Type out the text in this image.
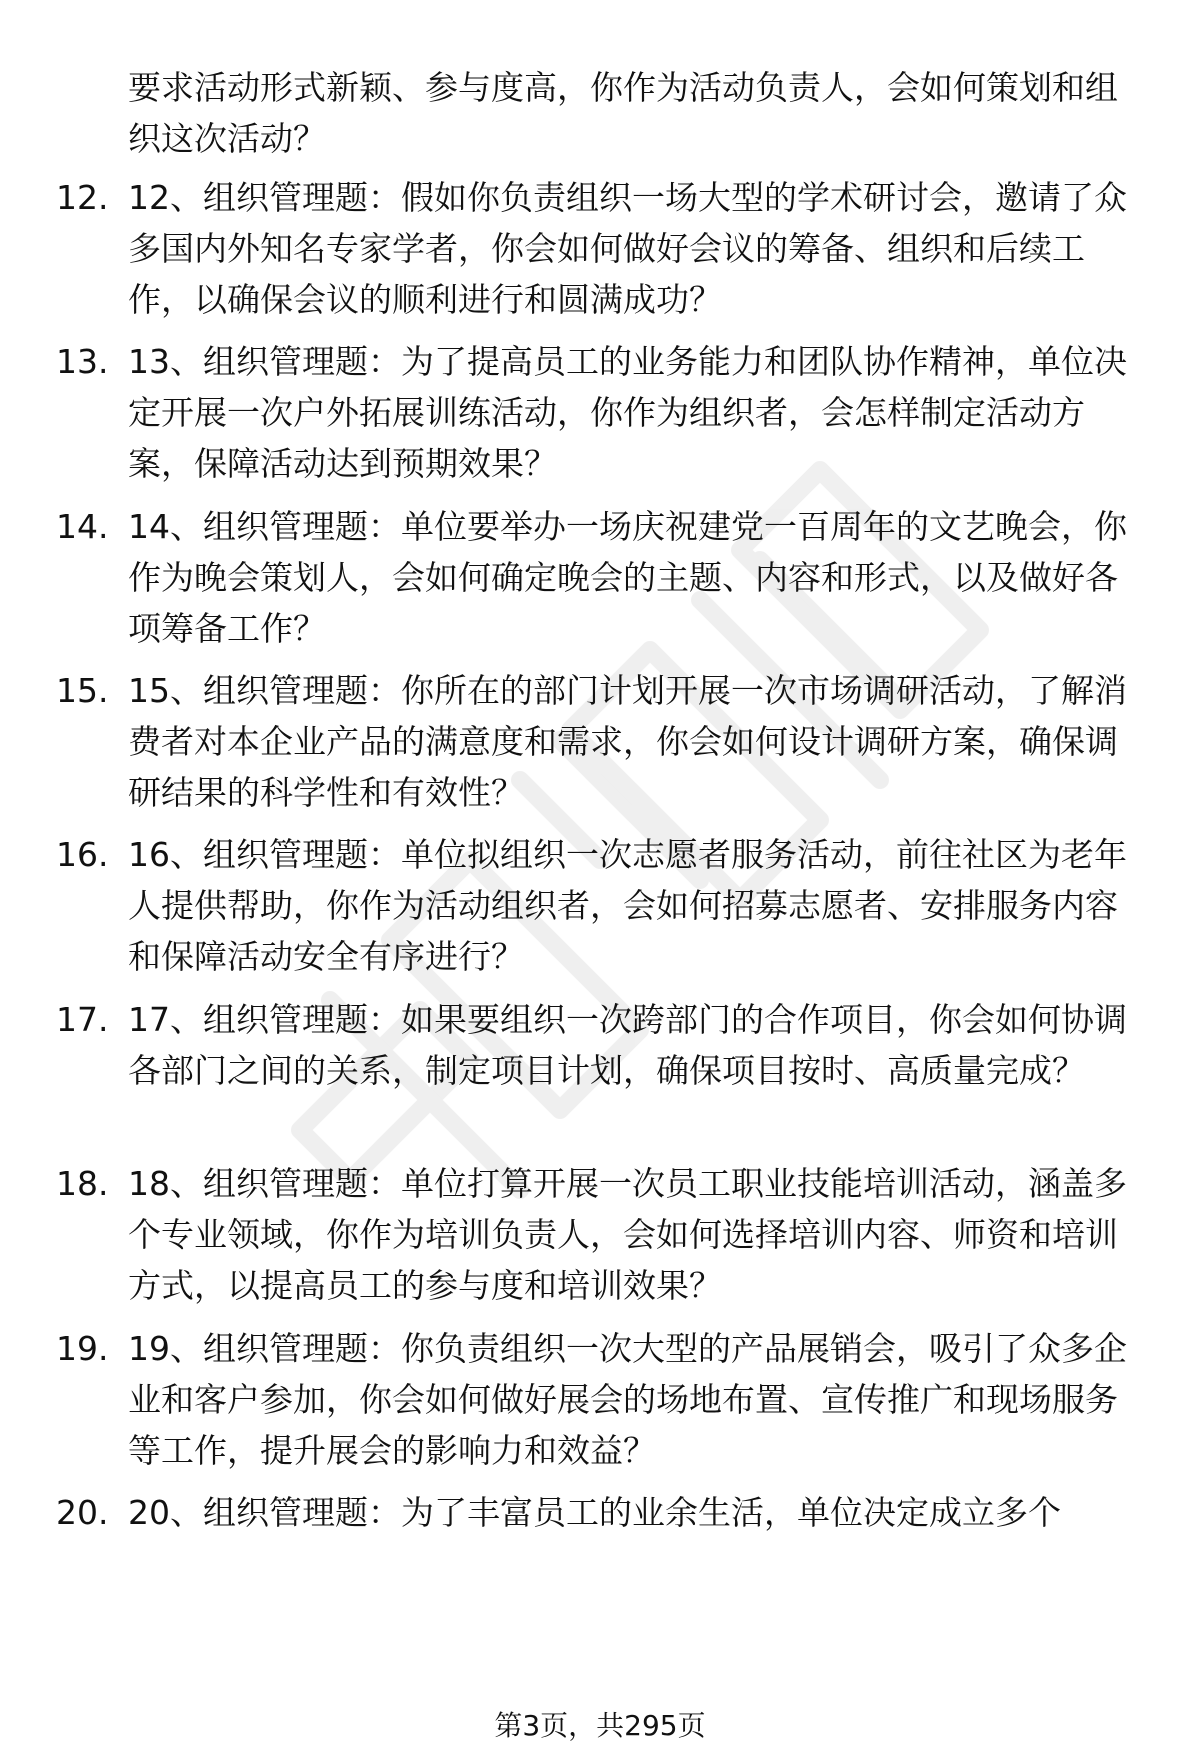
要求活动形式新颖、参与度高，你作为活动负责人，会如何策划和组织这次活动？

12. 12、组织管理题：假如你负责组织一场大型的学术研讨会，邀请了众多国内外知名专家学者，你会如何做好会议的筹备、组织和后续工作，以确保会议的顺利进行和圆满成功？

13. 13、组织管理题：为了提高员工的业务能力和团队协作精神，单位决定开展一次户外拓展训练活动，你作为组织者，会怎样制定活动方案，保障活动达到预期效果？

14. 14、组织管理题：单位要举办一场庆祝建党一百周年的文艺晚会，你作为晚会策划人，会如何确定晚会的主题、内容和形式，以及做好各项筹备工作？

15. 15、组织管理题：你所在的部门计划开展一次市场调研活动，了解消费者对本企业产品的满意度和需求，你会如何设计调研方案，确保调研结果的科学性和有效性？

16. 16、组织管理题：单位拟组织一次志愿者服务活动，前往社区为老年人提供帮助，你作为活动组织者，会如何招募志愿者、安排服务内容和保障活动安全有序进行？

17. 17、组织管理题：如果要组织一次跨部门的合作项目，你会如何协调各部门之间的关系，制定项目计划，确保项目按时、高质量完成？

18. 18、组织管理题：单位打算开展一次员工职业技能培训活动，涵盖多个专业领域，你作为培训负责人，会如何选择培训内容、师资和培训方式，以提高员工的参与度和培训效果？

19. 19、组织管理题：你负责组织一次大型的产品展销会，吸引了众多企业和客户参加，你会如何做好展会的场地布置、宣传推广和现场服务等工作，提升展会的影响力和效益？

20. 20、组织管理题：为了丰富员工的业余生活，单位决定成立多个

第3页，共295页
